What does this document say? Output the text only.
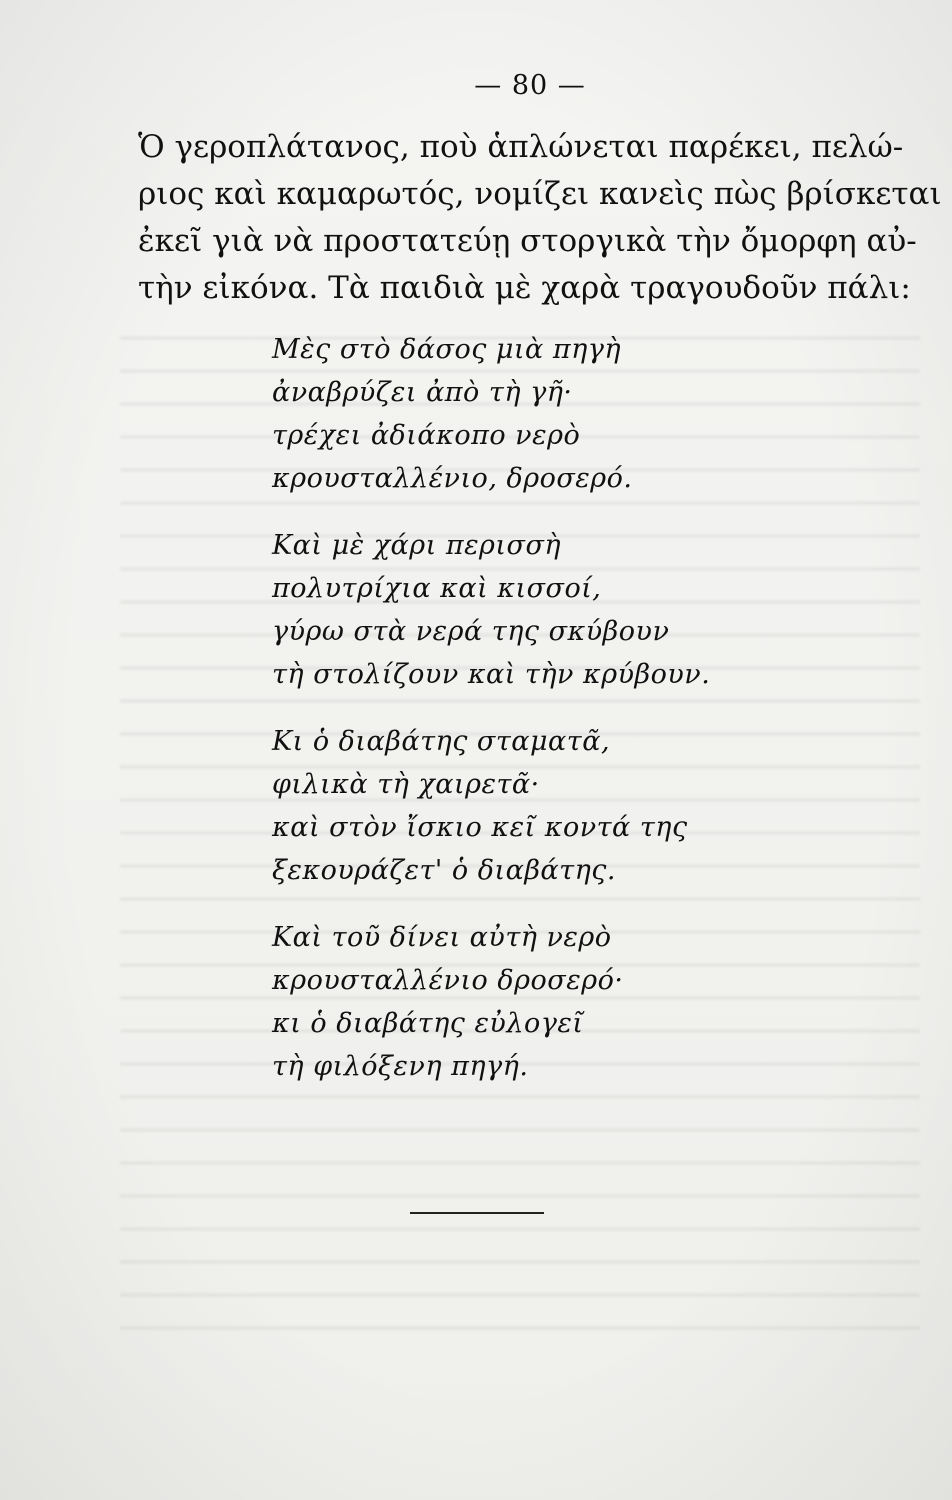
— 80 —
Ὁ γεροπλάτανος, ποὺ ἁπλώνεται παρέκει, πελώ-
ριος καὶ καμαρωτός, νομίζει κανεὶς πὼς βρίσκεται
ἐκεῖ γιὰ νὰ προστατεύῃ στοργικὰ τὴν ὄμορφη αὐ-
τὴν εἰκόνα. Τὰ παιδιὰ μὲ χαρὰ τραγουδοῦν πάλι:
Μὲς στὸ δάσος μιὰ πηγὴ
ἀναβρύζει ἀπὸ τὴ γῆ·
τρέχει ἀδιάκοπο νερὸ
κρουσταλλένιο, δροσερό.
Καὶ μὲ χάρι περισσὴ
πολυτρίχια καὶ κισσοί,
γύρω στὰ νερά της σκύβουν
τὴ στολίζουν καὶ τὴν κρύβουν.
Κι ὁ διαβάτης σταματᾶ,
φιλικὰ τὴ χαιρετᾶ·
καὶ στὸν ἴσκιο κεῖ κοντά της
ξεκουράζετ' ὁ διαβάτης.
Καὶ τοῦ δίνει αὐτὴ νερὸ
κρουσταλλένιο δροσερό·
κι ὁ διαβάτης εὐλογεῖ
τὴ φιλόξενη πηγή.
